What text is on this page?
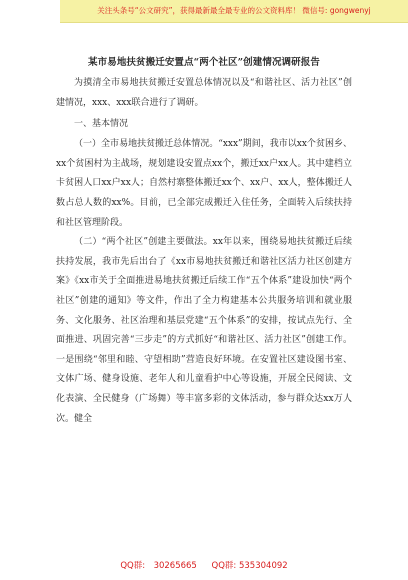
关注头条号“公文研究”，获得最新最全最专业的公文资料库！ 微信号: gongwenyj
某市易地扶贫搬迁安置点“两个社区”创建情况调研报告

为摸清全市易地扶贫搬迁安置总体情况以及“和谐社区、活力社区”创建情况，xxx、xxx联合进行了调研。

一、基本情况

（一）全市易地扶贫搬迁总体情况。“xxx”期间，我市以xx个贫困乡、xx个贫困村为主战场，规划建设安置点xx个，搬迁xx户xx人。其中建档立卡贫困人口xx户xx人；自然村寨整体搬迁xx个、xx户、xx人，整体搬迁人数占总人数的xx%。目前，已全部完成搬迁入住任务，全面转入后续扶持和社区管理阶段。

（二）“两个社区”创建主要做法。xx年以来，围绕易地扶贫搬迁后续扶持发展，我市先后出台了《xx市易地扶贫搬迁和谐社区活力社区创建方案》《xx市关于全面推进易地扶贫搬迁后续工作“五个体系”建设加快“两个社区”创建的通知》等文件，作出了全力构建基本公共服务培训和就业服务、文化服务、社区治理和基层党建“五个体系”的安排，按试点先行、全面推进、巩固完善“三步走”的方式抓好“和谐社区、活力社区”创建工作。一是围绕“邻里和睦、守望相助”营造良好环境。在安置社区建设图书室、文体广场、健身设施、老年人和儿童看护中心等设施，开展全民阅读、文化表演、全民健身（广场舞）等丰富多彩的文体活动，参与群众达xx万人次。健全

QQ群:　30265665 QQ群: 535304092
